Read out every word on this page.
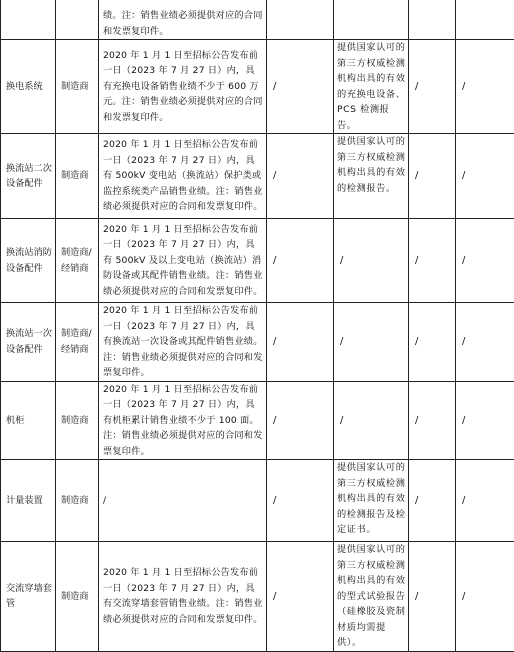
		绩。注：销售业绩必须提供对应的合同和发票复印件。				
换电系统	制造商	2020 年 1 月 1 日至招标公告发布前一日（2023 年 7 月 27 日）内，具有充换电设备销售业绩不少于 600 万元。注：销售业绩必须提供对应的合同和发票复印件。	/	提供国家认可的第三方权威检测机构出具的有效的充换电设备、PCS 检测报告。	/	/
换流站二次设备配件	制造商	2020 年 1 月 1 日至招标公告发布前一日（2023 年 7 月 27 日）内，具有 500kV 变电站（换流站）保护类或监控系统类产品销售业绩。注：销售业绩必须提供对应的合同和发票复印件。	/	提供国家认可的第三方权威检测机构出具的有效的检测报告。	/	/
换流站消防设备配件	制造商/经销商	2020 年 1 月 1 日至招标公告发布前一日（2023 年 7 月 27 日）内，具有 500kV 及以上变电站（换流站）消防设备或其配件销售业绩。注：销售业绩必须提供对应的合同和发票复印件。	/	/	/	/
换流站一次设备配件	制造商/经销商	2020 年 1 月 1 日至招标公告发布前一日（2023 年 7 月 27 日）内，具有换流站一次设备或其配件销售业绩。注：销售业绩必须提供对应的合同和发票复印件。	/	/	/	/
机柜	制造商	2020 年 1 月 1 日至招标公告发布前一日（2023 年 7 月 27 日）内，具有机柜累计销售业绩不少于 100 面。注：销售业绩必须提供对应的合同和发票复印件。	/	/	/	/
计量装置	制造商	/	/	提供国家认可的第三方权威检测机构出具的有效的检测报告及检定证书。	/	/
交流穿墙套管	制造商	2020 年 1 月 1 日至招标公告发布前一日（2023 年 7 月 27 日）内，具有交流穿墙套管销售业绩。注：销售业绩必须提供对应的合同和发票复印件。	/	提供国家认可的第三方权威检测机构出具的有效的型式试验报告（硅橡胶及瓷制材质均需提供）。	/	/
